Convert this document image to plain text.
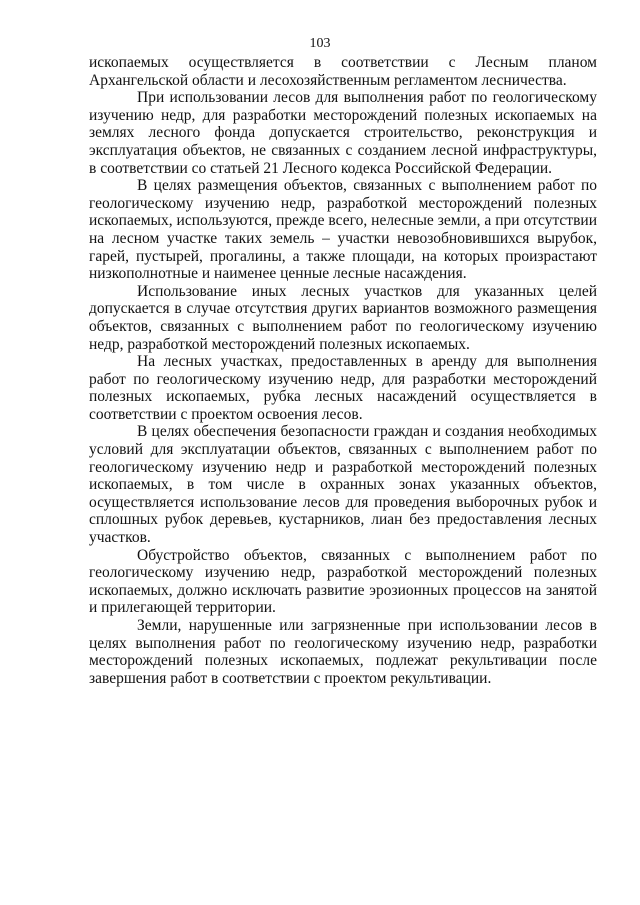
103

ископаемых осуществляется в соответствии с Лесным планом Архангельской области и лесохозяйственным регламентом лесничества.

При использовании лесов для выполнения работ по геологическому изучению недр, для разработки месторождений полезных ископаемых на землях лесного фонда допускается строительство, реконструкция и эксплуатация объектов, не связанных с созданием лесной инфраструктуры, в соответствии со статьей 21 Лесного кодекса Российской Федерации.

В целях размещения объектов, связанных с выполнением работ по геологическому изучению недр, разработкой месторождений полезных ископаемых, используются, прежде всего, нелесные земли, а при отсутствии на лесном участке таких земель – участки невозобновившихся вырубок, гарей, пустырей, прогалины, а также площади, на которых произрастают низкополнотные и наименее ценные лесные насаждения.

Использование иных лесных участков для указанных целей допускается в случае отсутствия других вариантов возможного размещения объектов, связанных с выполнением работ по геологическому изучению недр, разработкой месторождений полезных ископаемых.

На лесных участках, предоставленных в аренду для выполнения работ по геологическому изучению недр, для разработки месторождений полезных ископаемых, рубка лесных насаждений осуществляется в соответствии с проектом освоения лесов.

В целях обеспечения безопасности граждан и создания необходимых условий для эксплуатации объектов, связанных с выполнением работ по геологическому изучению недр и разработкой месторождений полезных ископаемых, в том числе в охранных зонах указанных объектов, осуществляется использование лесов для проведения выборочных рубок и сплошных рубок деревьев, кустарников, лиан без предоставления лесных участков.

Обустройство объектов, связанных с выполнением работ по геологическому изучению недр, разработкой месторождений полезных ископаемых, должно исключать развитие эрозионных процессов на занятой и прилегающей территории.

Земли, нарушенные или загрязненные при использовании лесов в целях выполнения работ по геологическому изучению недр, разработки месторождений полезных ископаемых, подлежат рекультивации после завершения работ в соответствии с проектом рекультивации.
